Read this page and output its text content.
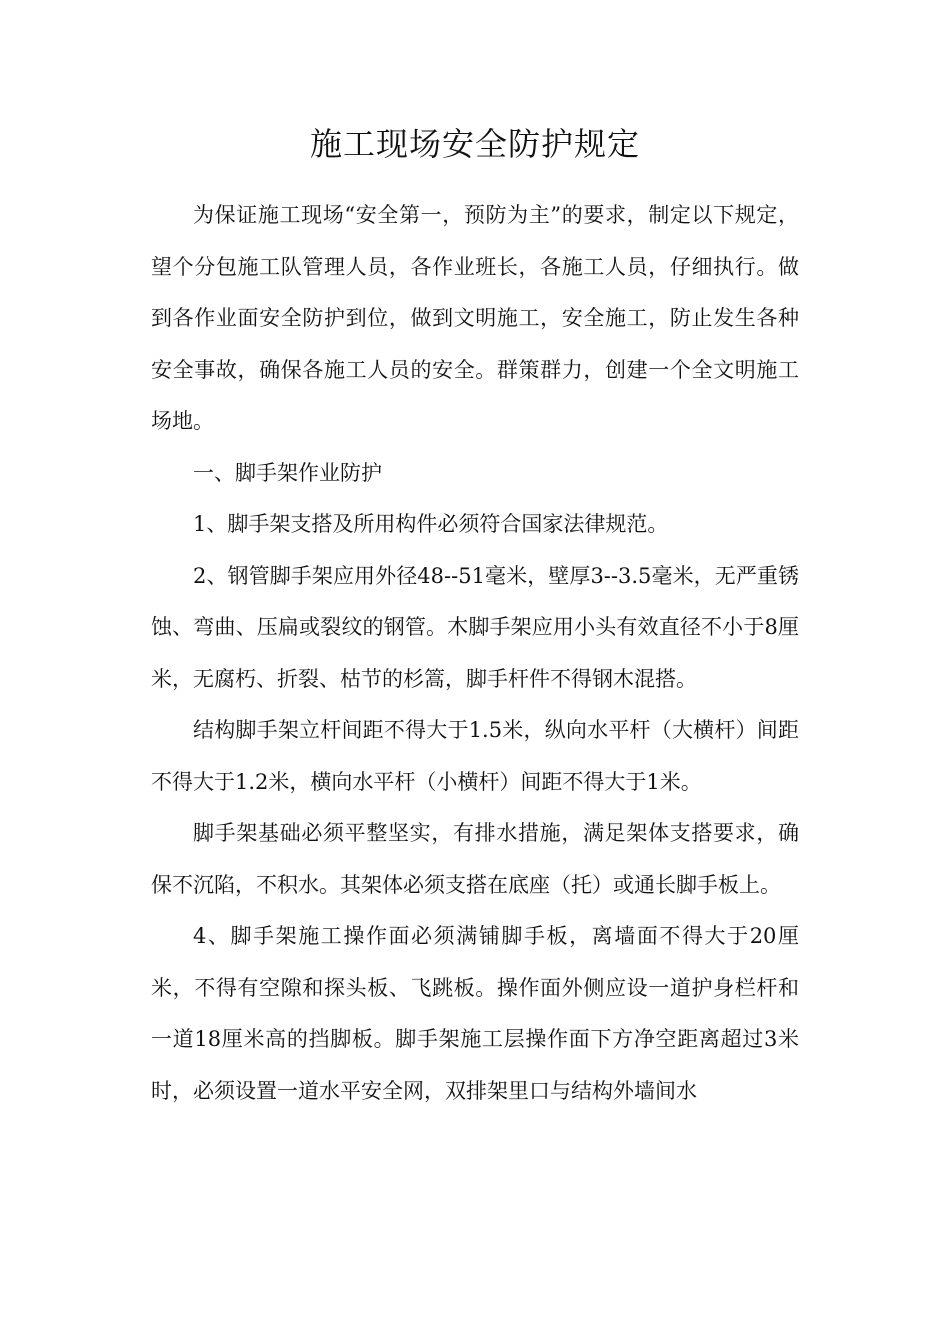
施工现场安全防护规定

为保证施工现场“安全第一，预防为主”的要求，制定以下规定，望个分包施工队管理人员，各作业班长，各施工人员，仔细执行。做到各作业面安全防护到位，做到文明施工，安全施工，防止发生各种安全事故，确保各施工人员的安全。群策群力，创建一个全文明施工场地。

一、脚手架作业防护

1、脚手架支搭及所用构件必须符合国家法律规范。

2、钢管脚手架应用外径48--51毫米，壁厚3--3.5毫米，无严重锈蚀、弯曲、压扁或裂纹的钢管。木脚手架应用小头有效直径不小于8厘米，无腐朽、折裂、枯节的杉篙，脚手杆件不得钢木混搭。

结构脚手架立杆间距不得大于1.5米，纵向水平杆（大横杆）间距不得大于1.2米，横向水平杆（小横杆）间距不得大于1米。

脚手架基础必须平整坚实，有排水措施，满足架体支搭要求，确保不沉陷，不积水。其架体必须支搭在底座（托）或通长脚手板上。

4、脚手架施工操作面必须满铺脚手板，离墙面不得大于20厘米，不得有空隙和探头板、飞跳板。操作面外侧应设一道护身栏杆和一道18厘米高的挡脚板。脚手架施工层操作面下方净空距离超过3米时，必须设置一道水平安全网，双排架里口与结构外墙间水
